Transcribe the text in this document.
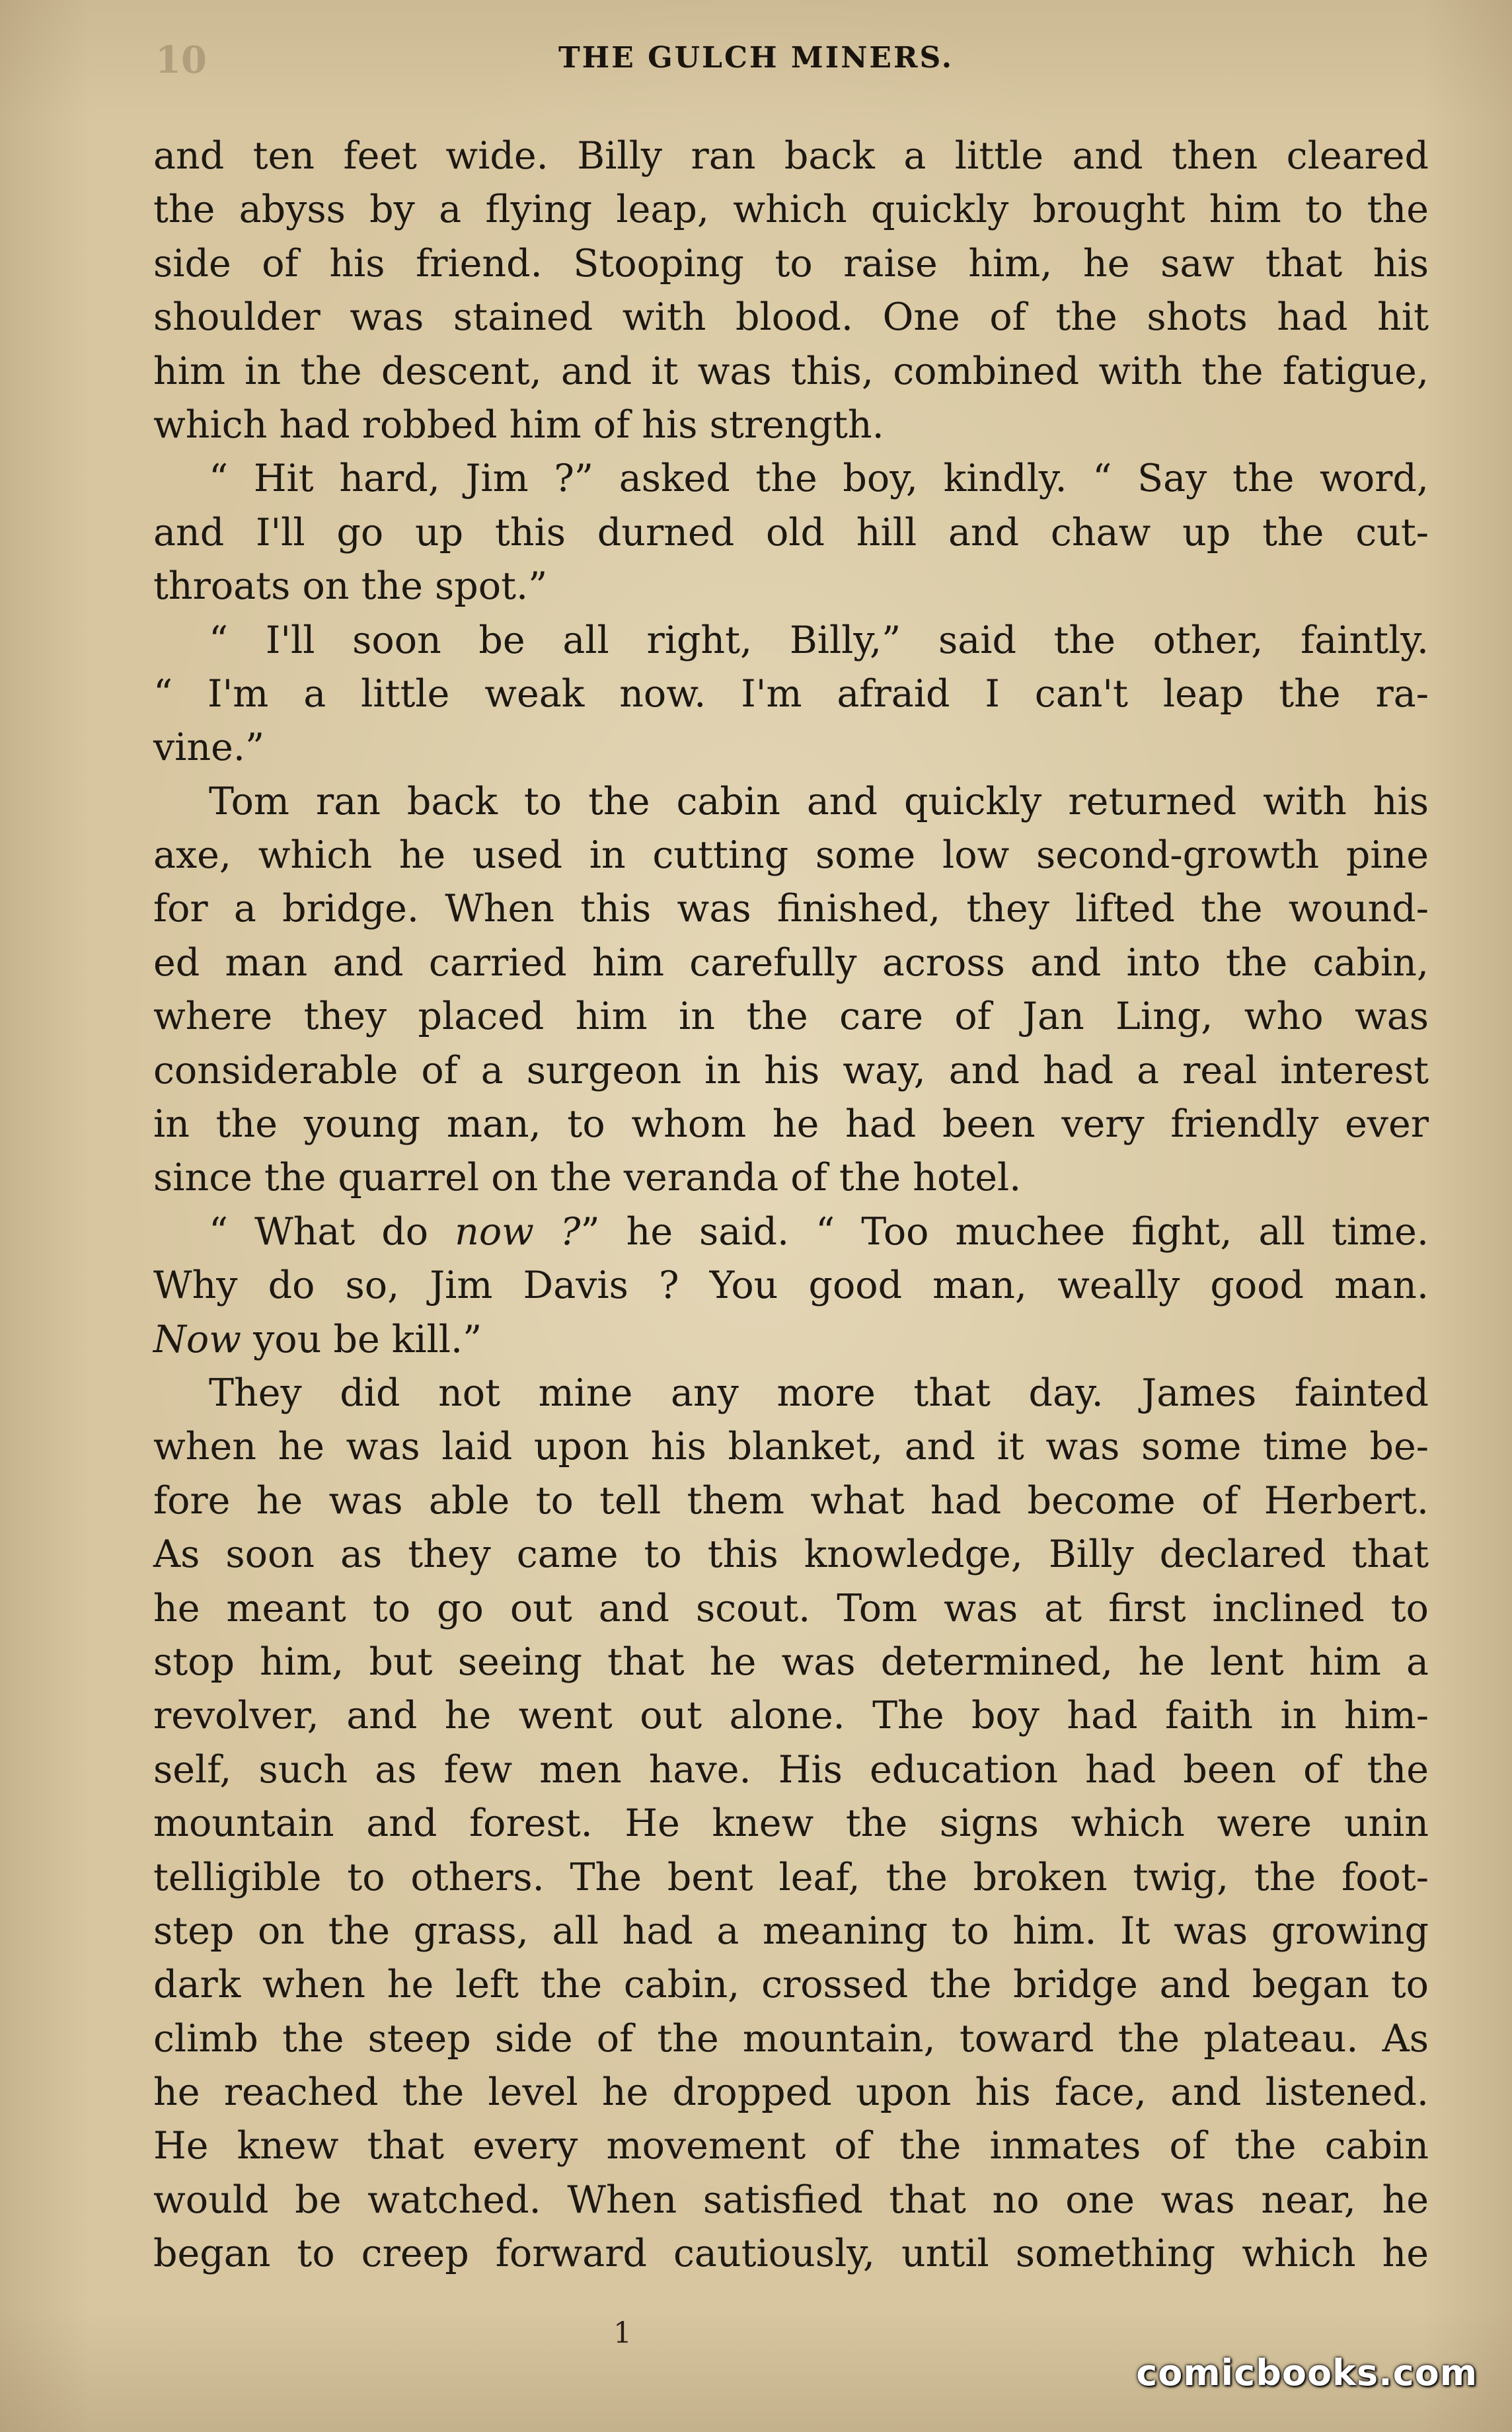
10	THE GULCH MINERS.
and ten feet wide. Billy ran back a little and then cleared
the abyss by a flying leap, which quickly brought him to the
side of his friend. Stooping to raise him, he saw that his
shoulder was stained with blood. One of the shots had hit
him in the descent, and it was this, combined with the fatigue,
which had robbed him of his strength.
“ Hit hard, Jim ?” asked the boy, kindly. “ Say the word,
and I'll go up this durned old hill and chaw up the cut-
throats on the spot.”
“ I'll soon be all right, Billy,” said the other, faintly.
“ I'm a little weak now. I'm afraid I can't leap the ra-
vine.”
Tom ran back to the cabin and quickly returned with his
axe, which he used in cutting some low second-growth pine
for a bridge. When this was finished, they lifted the wound-
ed man and carried him carefully across and into the cabin,
where they placed him in the care of Jan Ling, who was
considerable of a surgeon in his way, and had a real interest
in the young man, to whom he had been very friendly ever
since the quarrel on the veranda of the hotel.
“ What do now ?” he said. “ Too muchee fight, all time.
Why do so, Jim Davis ? You good man, weally good man.
Now you be kill.”
They did not mine any more that day. James fainted
when he was laid upon his blanket, and it was some time be-
fore he was able to tell them what had become of Herbert.
As soon as they came to this knowledge, Billy declared that
he meant to go out and scout. Tom was at first inclined to
stop him, but seeing that he was determined, he lent him a
revolver, and he went out alone. The boy had faith in him-
self, such as few men have. His education had been of the
mountain and forest. He knew the signs which were unin
telligible to others. The bent leaf, the broken twig, the foot-
step on the grass, all had a meaning to him. It was growing
dark when he left the cabin, crossed the bridge and began to
climb the steep side of the mountain, toward the plateau. As
he reached the level he dropped upon his face, and listened.
He knew that every movement of the inmates of the cabin
would be watched. When satisfied that no one was near, he
began to creep forward cautiously, until something which he
1
comicbooks.com
